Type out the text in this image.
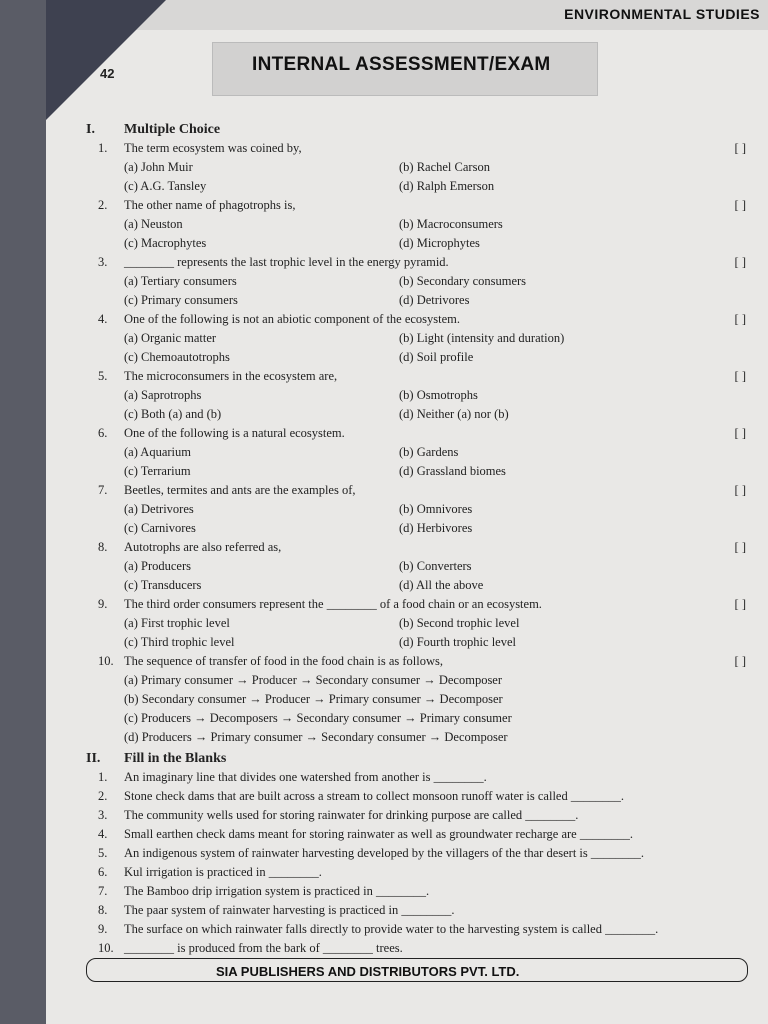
ENVIRONMENTAL STUDIES
42	INTERNAL ASSESSMENT/EXAM
I. Multiple Choice
1. The term ecosystem was coined by,	[ ]
(a) John Muir	(b) Rachel Carson
(c) A.G. Tansley	(d) Ralph Emerson
2. The other name of phagotrophs is,	[ ]
(a) Neuston	(b) Macroconsumers
(c) Macrophytes	(d) Microphytes
3. ________ represents the last trophic level in the energy pyramid.	[ ]
(a) Tertiary consumers	(b) Secondary consumers
(c) Primary consumers	(d) Detrivores
4. One of the following is not an abiotic component of the ecosystem.	[ ]
(a) Organic matter	(b) Light (intensity and duration)
(c) Chemoautotrophs	(d) Soil profile
5. The microconsumers in the ecosystem are,	[ ]
(a) Saprotrophs	(b) Osmotrophs
(c) Both (a) and (b)	(d) Neither (a) nor (b)
6. One of the following is a natural ecosystem.	[ ]
(a) Aquarium	(b) Gardens
(c) Terrarium	(d) Grassland biomes
7. Beetles, termites and ants are the examples of,	[ ]
(a) Detrivores	(b) Omnivores
(c) Carnivores	(d) Herbivores
8. Autotrophs are also referred as,	[ ]
(a) Producers	(b) Converters
(c) Transducers	(d) All the above
9. The third order consumers represent the ________ of a food chain or an ecosystem.	[ ]
(a) First trophic level	(b) Second trophic level
(c) Third trophic level	(d) Fourth trophic level
10. The sequence of transfer of food in the food chain is as follows,	[ ]
(a) Primary consumer → Producer → Secondary consumer → Decomposer
(b) Secondary consumer → Producer → Primary consumer → Decomposer
(c) Producers → Decomposers → Secondary consumer → Primary consumer
(d) Producers → Primary consumer → Secondary consumer → Decomposer
II. Fill in the Blanks
1. An imaginary line that divides one watershed from another is ________.
2. Stone check dams that are built across a stream to collect monsoon runoff water is called ________.
3. The community wells used for storing rainwater for drinking purpose are called ________.
4. Small earthen check dams meant for storing rainwater as well as groundwater recharge are ________.
5. An indigenous system of rainwater harvesting developed by the villagers of the thar desert is ________.
6. Kul irrigation is practiced in ________.
7. The Bamboo drip irrigation system is practiced in ________.
8. The paar system of rainwater harvesting is practiced in ________.
9. The surface on which rainwater falls directly to provide water to the harvesting system is called ________.
10. ________ is produced from the bark of ________ trees.
SIA PUBLISHERS AND DISTRIBUTORS PVT. LTD.
